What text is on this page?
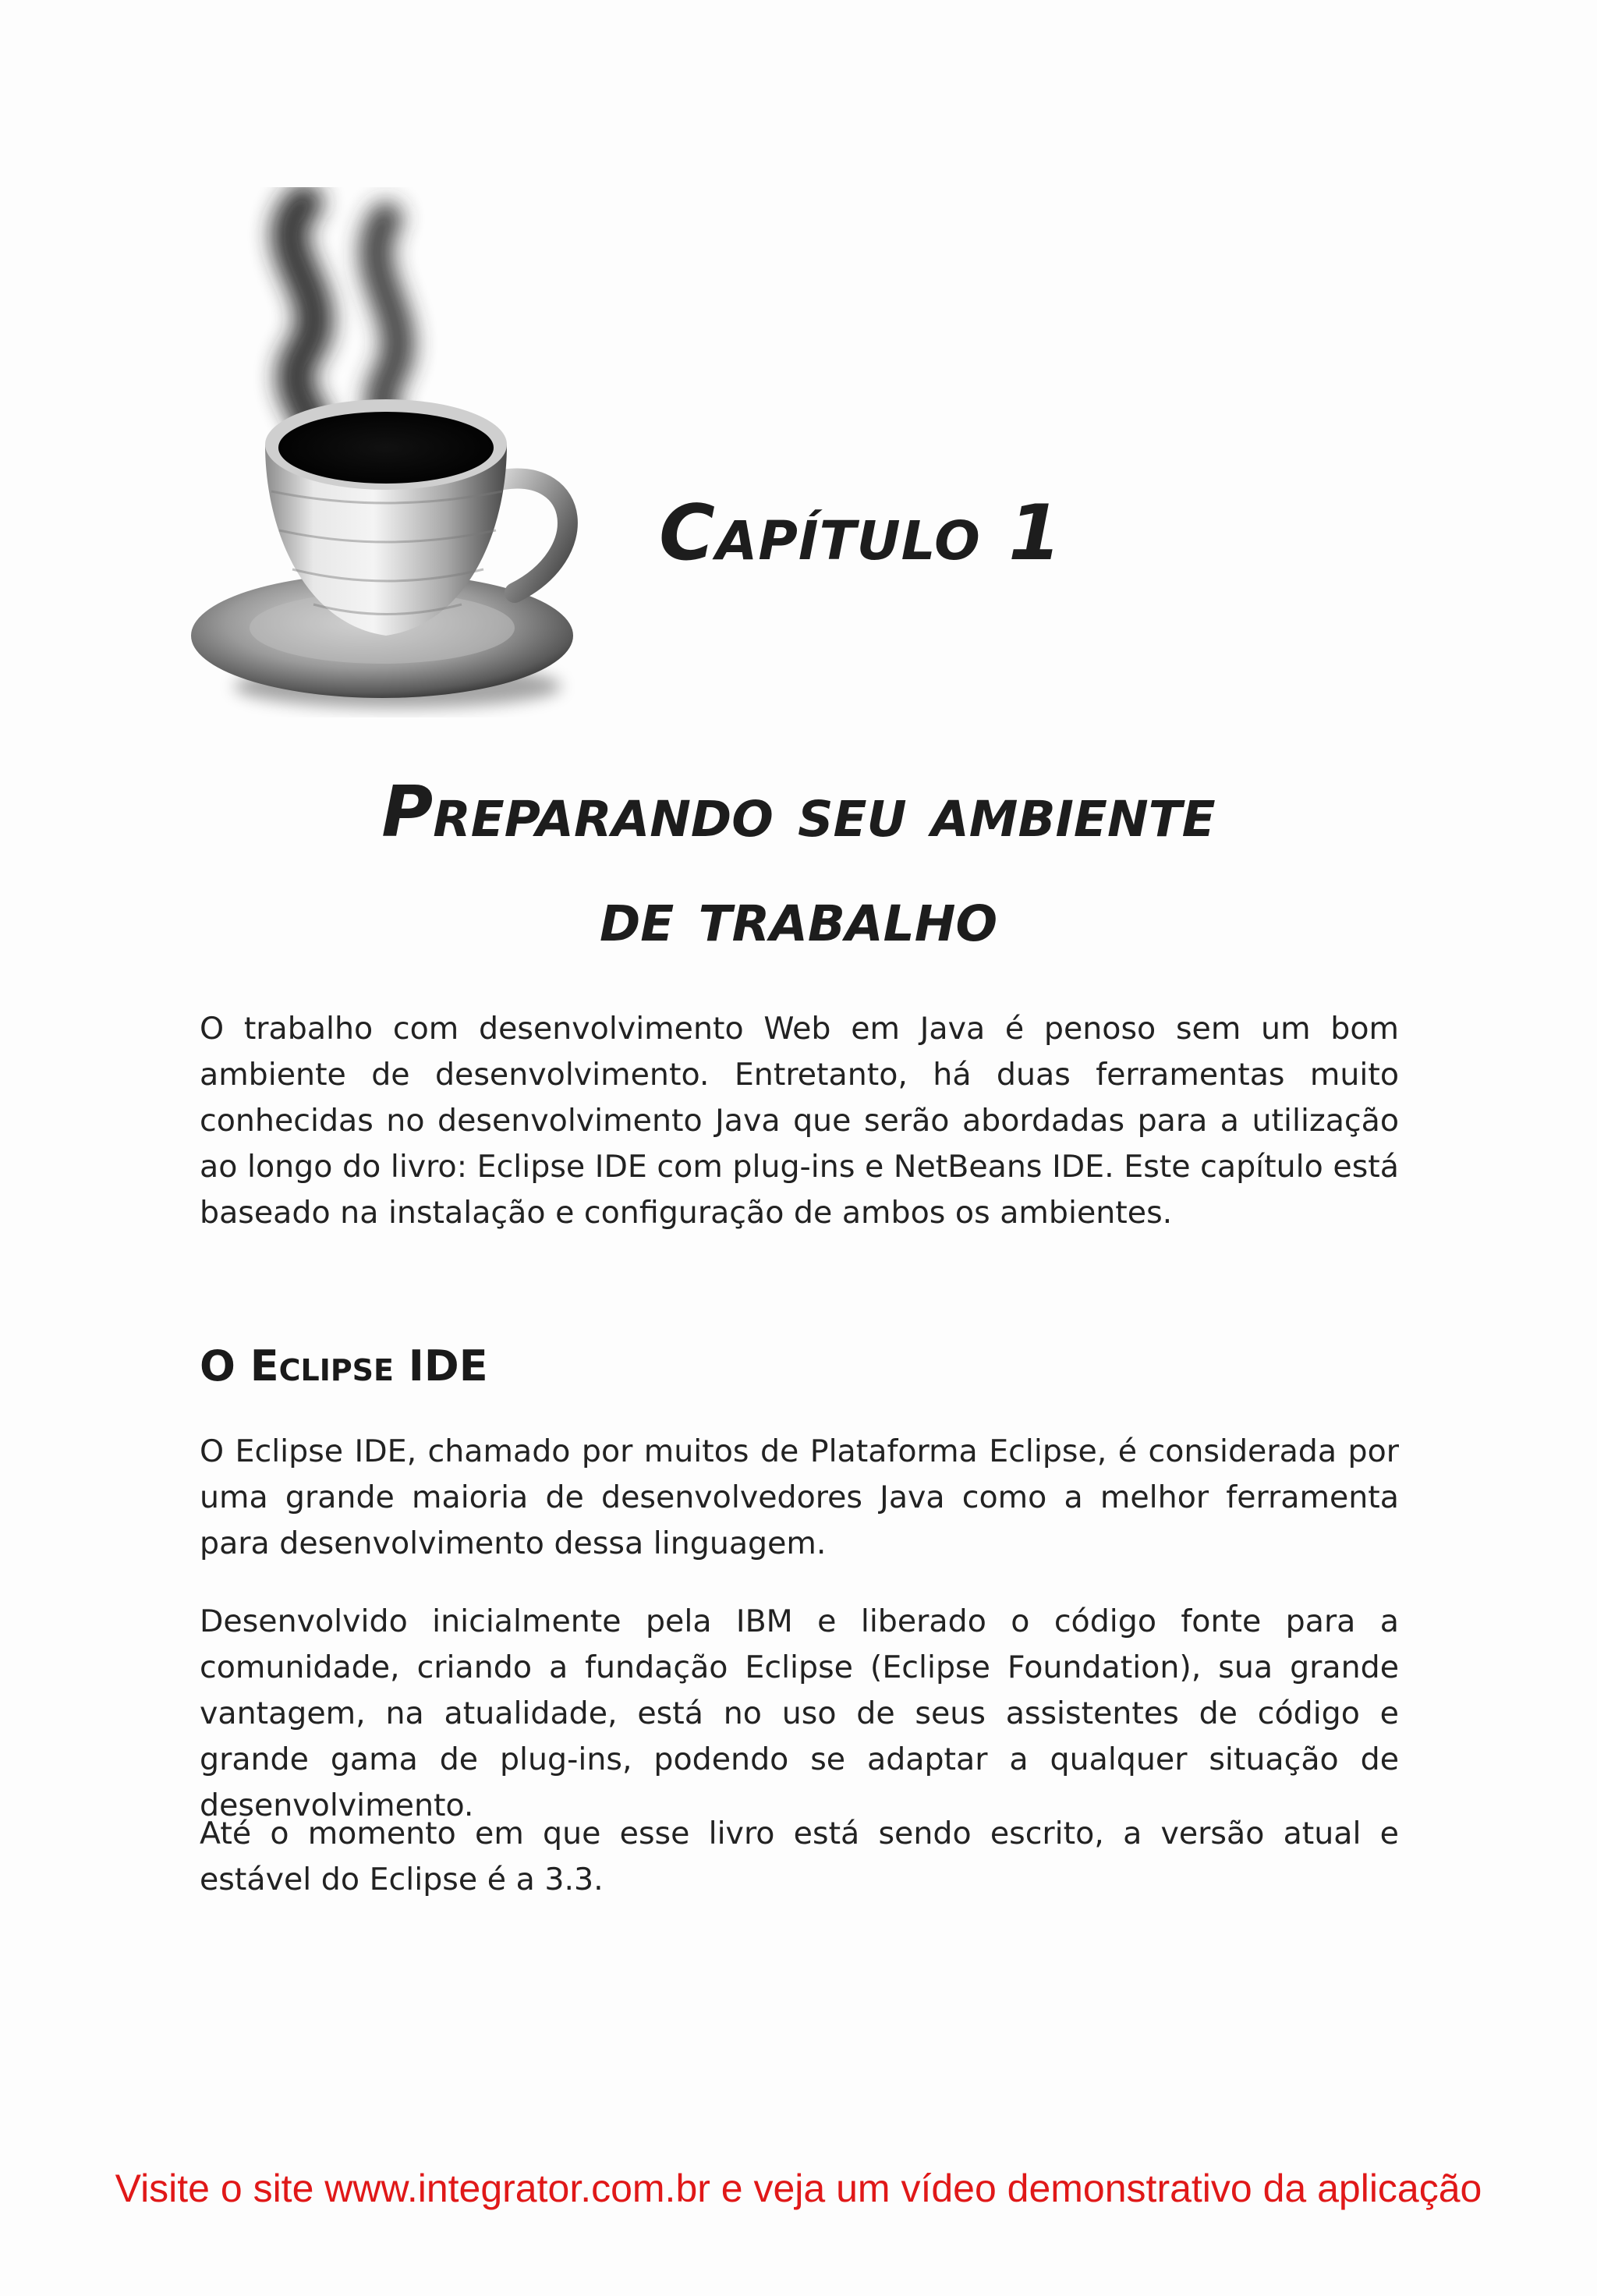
Capítulo 1
Preparando seu ambiente
de trabalho

O trabalho com desenvolvimento Web em Java é penoso sem um bom ambiente de desenvolvimento. Entretanto, há duas ferramentas muito conhecidas no desenvolvimento Java que serão abordadas para a utilização ao longo do livro: Eclipse IDE com plug-ins e NetBeans IDE. Este capítulo está baseado na instalação e configuração de ambos os ambientes.

O Eclipse IDE

O Eclipse IDE, chamado por muitos de Plataforma Eclipse, é considerada por uma grande maioria de desenvolvedores Java como a melhor ferramenta para desenvolvimento dessa linguagem.

Desenvolvido inicialmente pela IBM e liberado o código fonte para a comunidade, criando a fundação Eclipse (Eclipse Foundation), sua grande vantagem, na atualidade, está no uso de seus assistentes de código e grande gama de plug-ins, podendo se adaptar a qualquer situação de desenvolvimento.

Até o momento em que esse livro está sendo escrito, a versão atual e estável do Eclipse é a 3.3.

Visite o site www.integrator.com.br e veja um vídeo demonstrativo da aplicação
